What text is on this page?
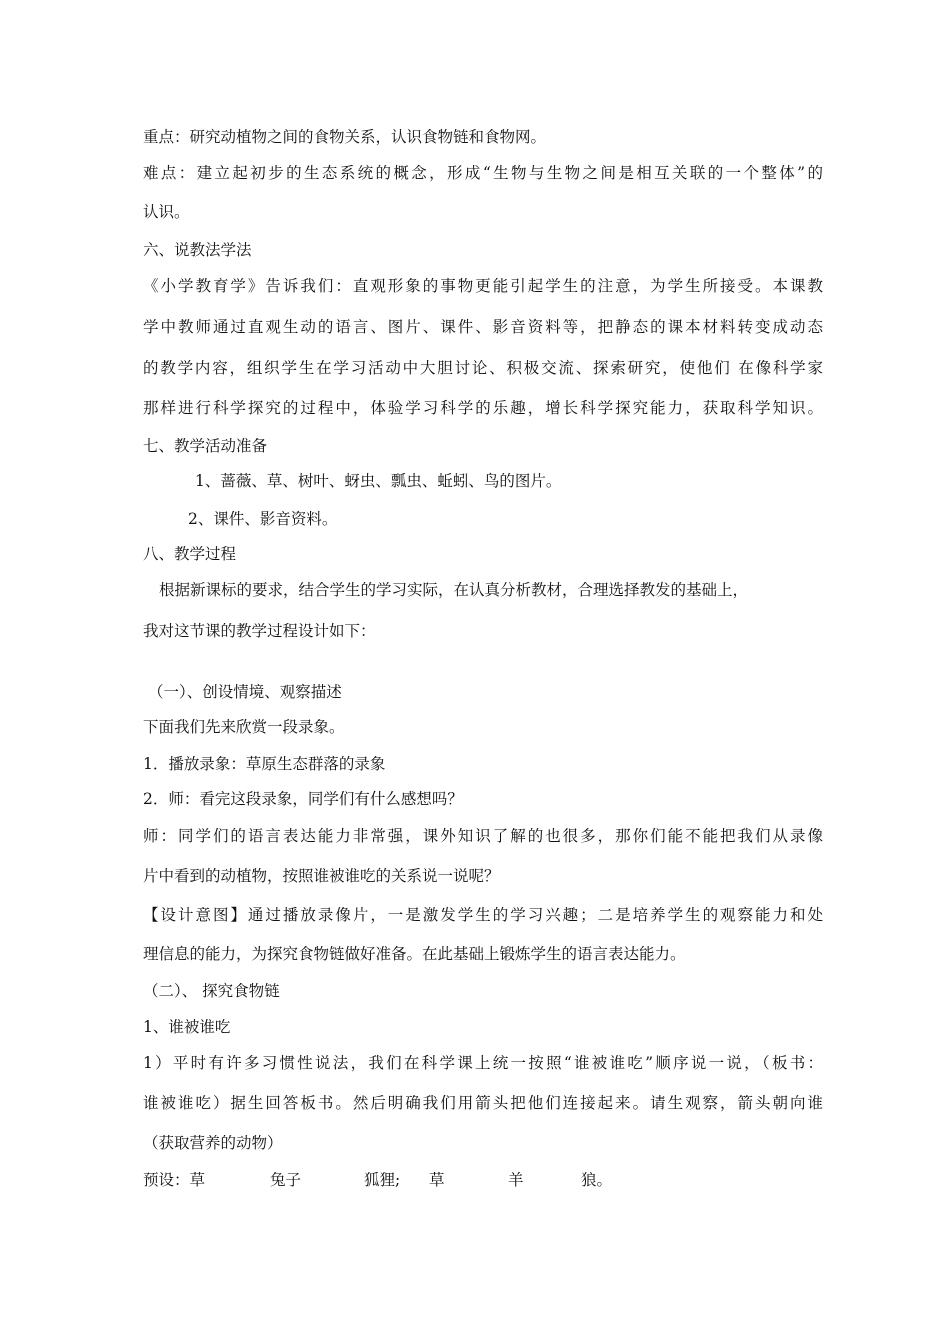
重点：研究动植物之间的食物关系，认识食物链和食物网。
难点：建立起初步的生态系统的概念，形成“生物与生物之间是相互关联的一个整体”的
认识。
六、说教法学法
《小学教育学》告诉我们：直观形象的事物更能引起学生的注意，为学生所接受。本课教
学中教师通过直观生动的语言、图片、课件、影音资料等，把静态的课本材料转变成动态
的教学内容，组织学生在学习活动中大胆讨论、积极交流、探索研究，使他们 在像科学家
那样进行科学探究的过程中，体验学习科学的乐趣，增长科学探究能力，获取科学知识。
七、教学活动准备
1、蔷薇、草、树叶、蚜虫、瓢虫、蚯蚓、鸟的图片。
2、课件、影音资料。
八、教学过程
根据新课标的要求，结合学生的学习实际，在认真分析教材，合理选择教发的基础上，
我对这节课的教学过程设计如下：
（一）、创设情境、观察描述
下面我们先来欣赏一段录象。
1．播放录象：草原生态群落的录象
2．师：看完这段录象，同学们有什么感想吗？
师：同学们的语言表达能力非常强，课外知识了解的也很多，那你们能不能把我们从录像
片中看到的动植物，按照谁被谁吃的关系说一说呢？
【设计意图】通过播放录像片，一是激发学生的学习兴趣；二是培养学生的观察能力和处
理信息的能力，为探究食物链做好准备。在此基础上锻炼学生的语言表达能力。
（二）、 探究食物链
1、谁被谁吃
1）平时有许多习惯性说法，我们在科学课上统一按照“谁被谁吃”顺序说一说，（板书：
谁被谁吃）据生回答板书。然后明确我们用箭头把他们连接起来。请生观察，箭头朝向谁
（获取营养的动物）
预设：草	兔子	狐狸; 草	羊	狼。
